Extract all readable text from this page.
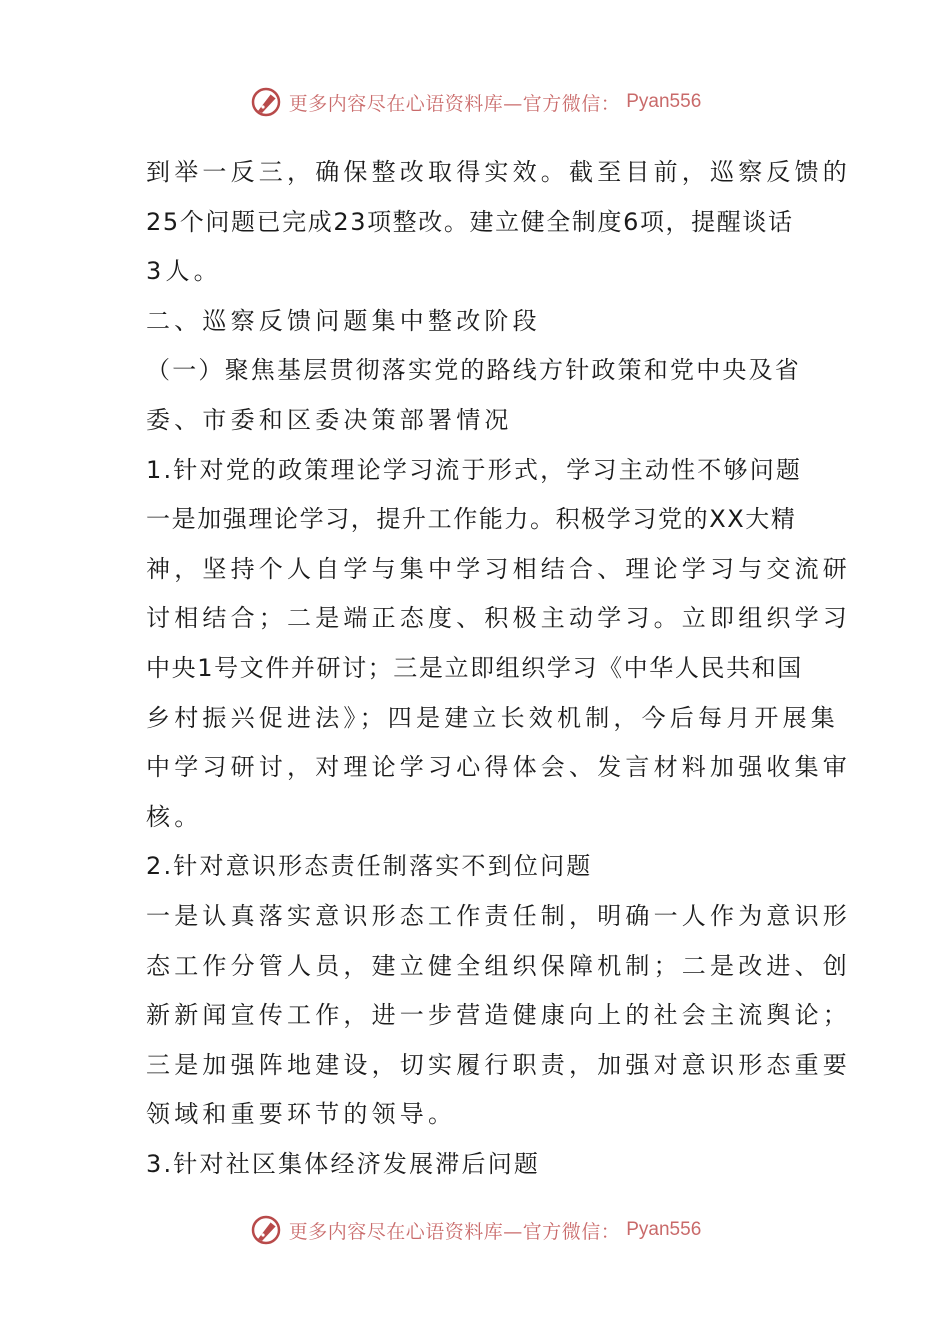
更多内容尽在心语资料库—官方微信： Pyan556
到举一反三，确保整改取得实效。截至目前，巡察反馈的
25个问题已完成23项整改。建立健全制度6项，提醒谈话
3人。
二、巡察反馈问题集中整改阶段
（一）聚焦基层贯彻落实党的路线方针政策和党中央及省
委、市委和区委决策部署情况
1.针对党的政策理论学习流于形式，学习主动性不够问题
一是加强理论学习，提升工作能力。积极学习党的XX大精
神，坚持个人自学与集中学习相结合、理论学习与交流研
讨相结合；二是端正态度、积极主动学习。立即组织学习
中央1号文件并研讨；三是立即组织学习《中华人民共和国
乡村振兴促进法》；四是建立长效机制，今后每月开展集
中学习研讨，对理论学习心得体会、发言材料加强收集审
核。
2.针对意识形态责任制落实不到位问题
一是认真落实意识形态工作责任制，明确一人作为意识形
态工作分管人员，建立健全组织保障机制；二是改进、创
新新闻宣传工作，进一步营造健康向上的社会主流舆论；
三是加强阵地建设，切实履行职责，加强对意识形态重要
领域和重要环节的领导。
3.针对社区集体经济发展滞后问题
更多内容尽在心语资料库—官方微信： Pyan556
